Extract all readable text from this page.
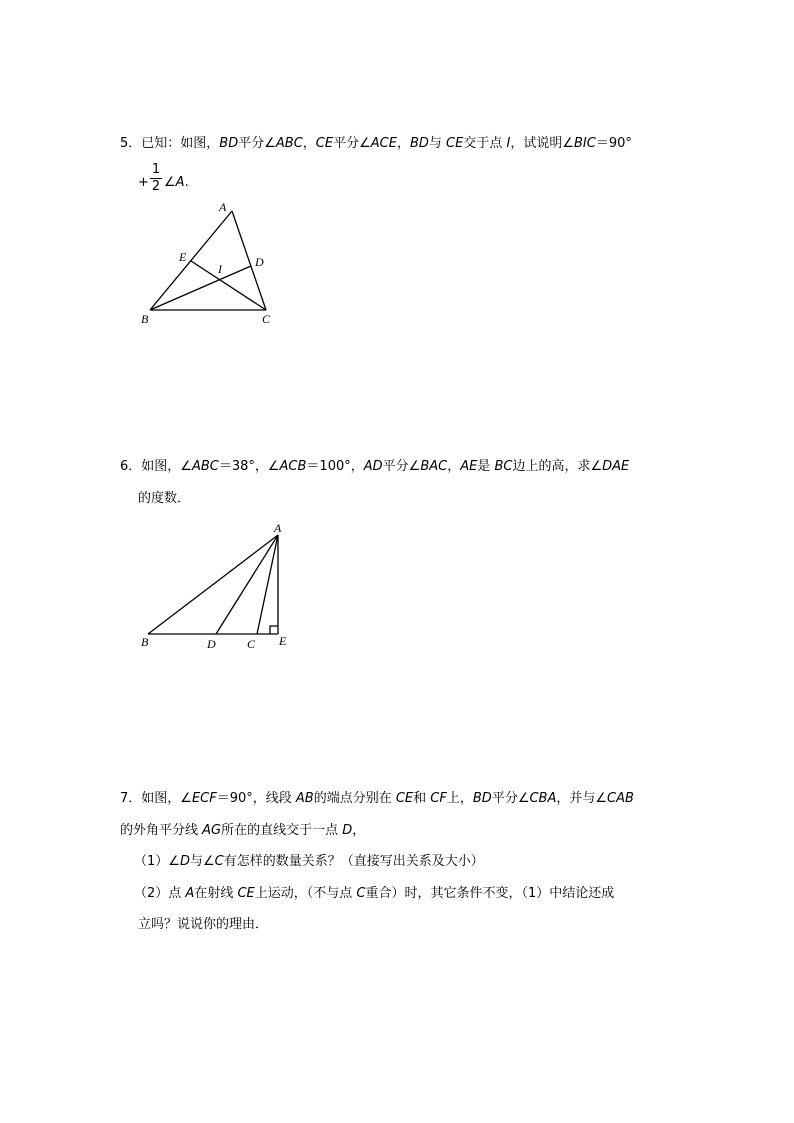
5．已知：如图，BD平分∠ABC，CE平分∠ACE，BD与 CE交于点 I，试说明∠BIC＝90°
+
1
2 ∠A.
A
E
I	D
B	C
6．如图，∠ABC＝38°，∠ACB＝100°，AD平分∠BAC，AE是 BC边上的高，求∠DAE
的度数．
A
B	D	C E
7．如图，∠ECF＝90°，线段 AB的端点分别在 CE和 CF上，BD平分∠CBA，并与∠CAB
的外角平分线 AG所在的直线交于一点 D，
（1）∠D与∠C有怎样的数量关系？（直接写出关系及大小）
（2）点 A在射线 CE上运动，（不与点 C重合）时，其它条件不变，（1）中结论还成
立吗？说说你的理由．
